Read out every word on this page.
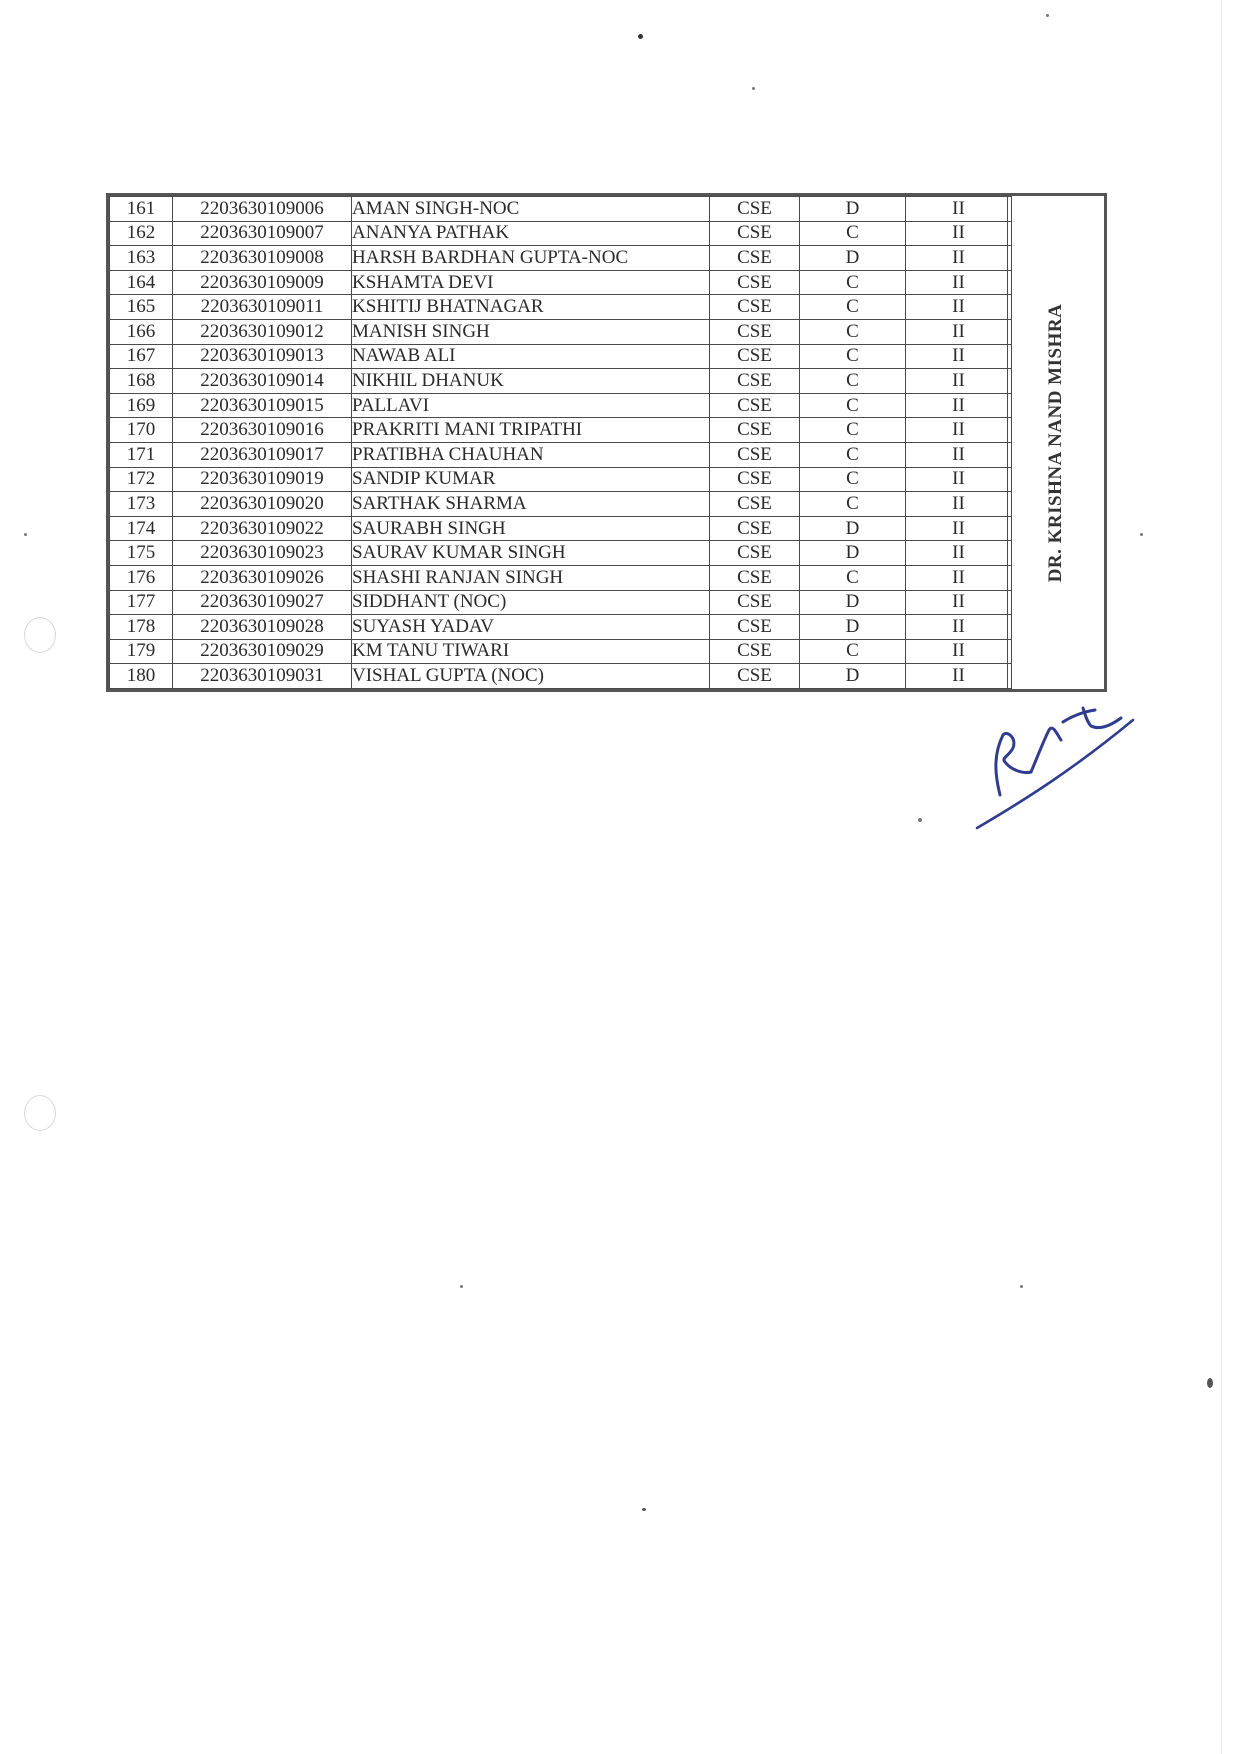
161	2203630109006	AMAN SINGH-NOC	CSE	D	II
162	2203630109007	ANANYA PATHAK	CSE	C	II
163	2203630109008	HARSH BARDHAN GUPTA-NOC	CSE	D	II
164	2203630109009	KSHAMTA DEVI	CSE	C	II
165	2203630109011	KSHITIJ BHATNAGAR	CSE	C	II
166	2203630109012	MANISH SINGH	CSE	C	II
167	2203630109013	NAWAB ALI	CSE	C	II
168	2203630109014	NIKHIL DHANUK	CSE	C	II
169	2203630109015	PALLAVI	CSE	C	II
170	2203630109016	PRAKRITI MANI TRIPATHI	CSE	C	II
171	2203630109017	PRATIBHA CHAUHAN	CSE	C	II
172	2203630109019	SANDIP KUMAR	CSE	C	II
173	2203630109020	SARTHAK SHARMA	CSE	C	II
174	2203630109022	SAURABH SINGH	CSE	D	II
175	2203630109023	SAURAV KUMAR SINGH	CSE	D	II
176	2203630109026	SHASHI RANJAN SINGH	CSE	C	II
177	2203630109027	SIDDHANT (NOC)	CSE	D	II
178	2203630109028	SUYASH YADAV	CSE	D	II
179	2203630109029	KM TANU TIWARI	CSE	C	II
180	2203630109031	VISHAL GUPTA (NOC)	CSE	D	II
DR. KRISHNA NAND MISHRA
